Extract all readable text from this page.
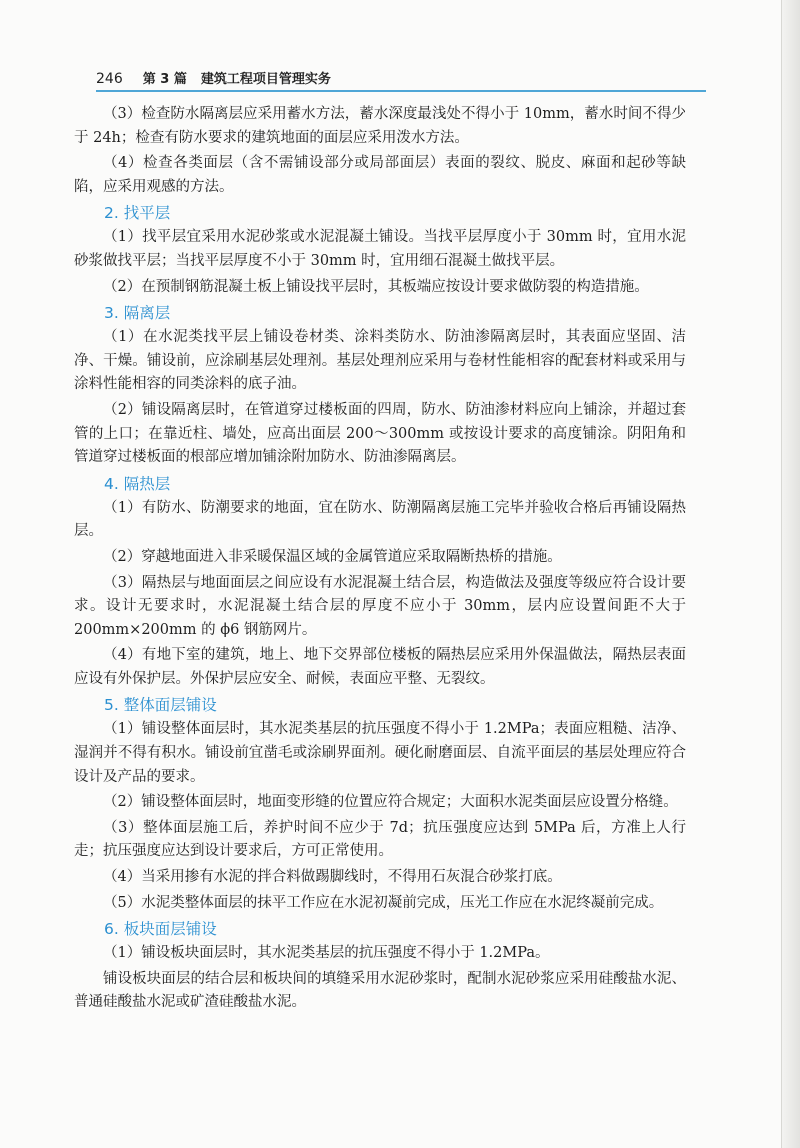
246 第 3 篇 建筑工程项目管理实务
（3）检查防水隔离层应采用蓄水方法，蓄水深度最浅处不得小于 10mm，蓄水时间不得少于 24h；检查有防水要求的建筑地面的面层应采用泼水方法。
（4）检查各类面层（含不需铺设部分或局部面层）表面的裂纹、脱皮、麻面和起砂等缺陷，应采用观感的方法。
2. 找平层
（1）找平层宜采用水泥砂浆或水泥混凝土铺设。当找平层厚度小于 30mm 时，宜用水泥砂浆做找平层；当找平层厚度不小于 30mm 时，宜用细石混凝土做找平层。
（2）在预制钢筋混凝土板上铺设找平层时，其板端应按设计要求做防裂的构造措施。
3. 隔离层
（1）在水泥类找平层上铺设卷材类、涂料类防水、防油渗隔离层时，其表面应坚固、洁净、干燥。铺设前，应涂刷基层处理剂。基层处理剂应采用与卷材性能相容的配套材料或采用与涂料性能相容的同类涂料的底子油。
（2）铺设隔离层时，在管道穿过楼板面的四周，防水、防油渗材料应向上铺涂，并超过套管的上口；在靠近柱、墙处，应高出面层 200～300mm 或按设计要求的高度铺涂。阴阳角和管道穿过楼板面的根部应增加铺涂附加防水、防油渗隔离层。
4. 隔热层
（1）有防水、防潮要求的地面，宜在防水、防潮隔离层施工完毕并验收合格后再铺设隔热层。
（2）穿越地面进入非采暖保温区域的金属管道应采取隔断热桥的措施。
（3）隔热层与地面面层之间应设有水泥混凝土结合层，构造做法及强度等级应符合设计要求。设计无要求时，水泥混凝土结合层的厚度不应小于 30mm，层内应设置间距不大于 200mm×200mm 的 ϕ6 钢筋网片。
（4）有地下室的建筑，地上、地下交界部位楼板的隔热层应采用外保温做法，隔热层表面应设有外保护层。外保护层应安全、耐候，表面应平整、无裂纹。
5. 整体面层铺设
（1）铺设整体面层时，其水泥类基层的抗压强度不得小于 1.2MPa；表面应粗糙、洁净、湿润并不得有积水。铺设前宜凿毛或涂刷界面剂。硬化耐磨面层、自流平面层的基层处理应符合设计及产品的要求。
（2）铺设整体面层时，地面变形缝的位置应符合规定；大面积水泥类面层应设置分格缝。
（3）整体面层施工后，养护时间不应少于 7d；抗压强度应达到 5MPa 后，方准上人行走；抗压强度应达到设计要求后，方可正常使用。
（4）当采用掺有水泥的拌合料做踢脚线时，不得用石灰混合砂浆打底。
（5）水泥类整体面层的抹平工作应在水泥初凝前完成，压光工作应在水泥终凝前完成。
6. 板块面层铺设
（1）铺设板块面层时，其水泥类基层的抗压强度不得小于 1.2MPa。
铺设板块面层的结合层和板块间的填缝采用水泥砂浆时，配制水泥砂浆应采用硅酸盐水泥、普通硅酸盐水泥或矿渣硅酸盐水泥。
